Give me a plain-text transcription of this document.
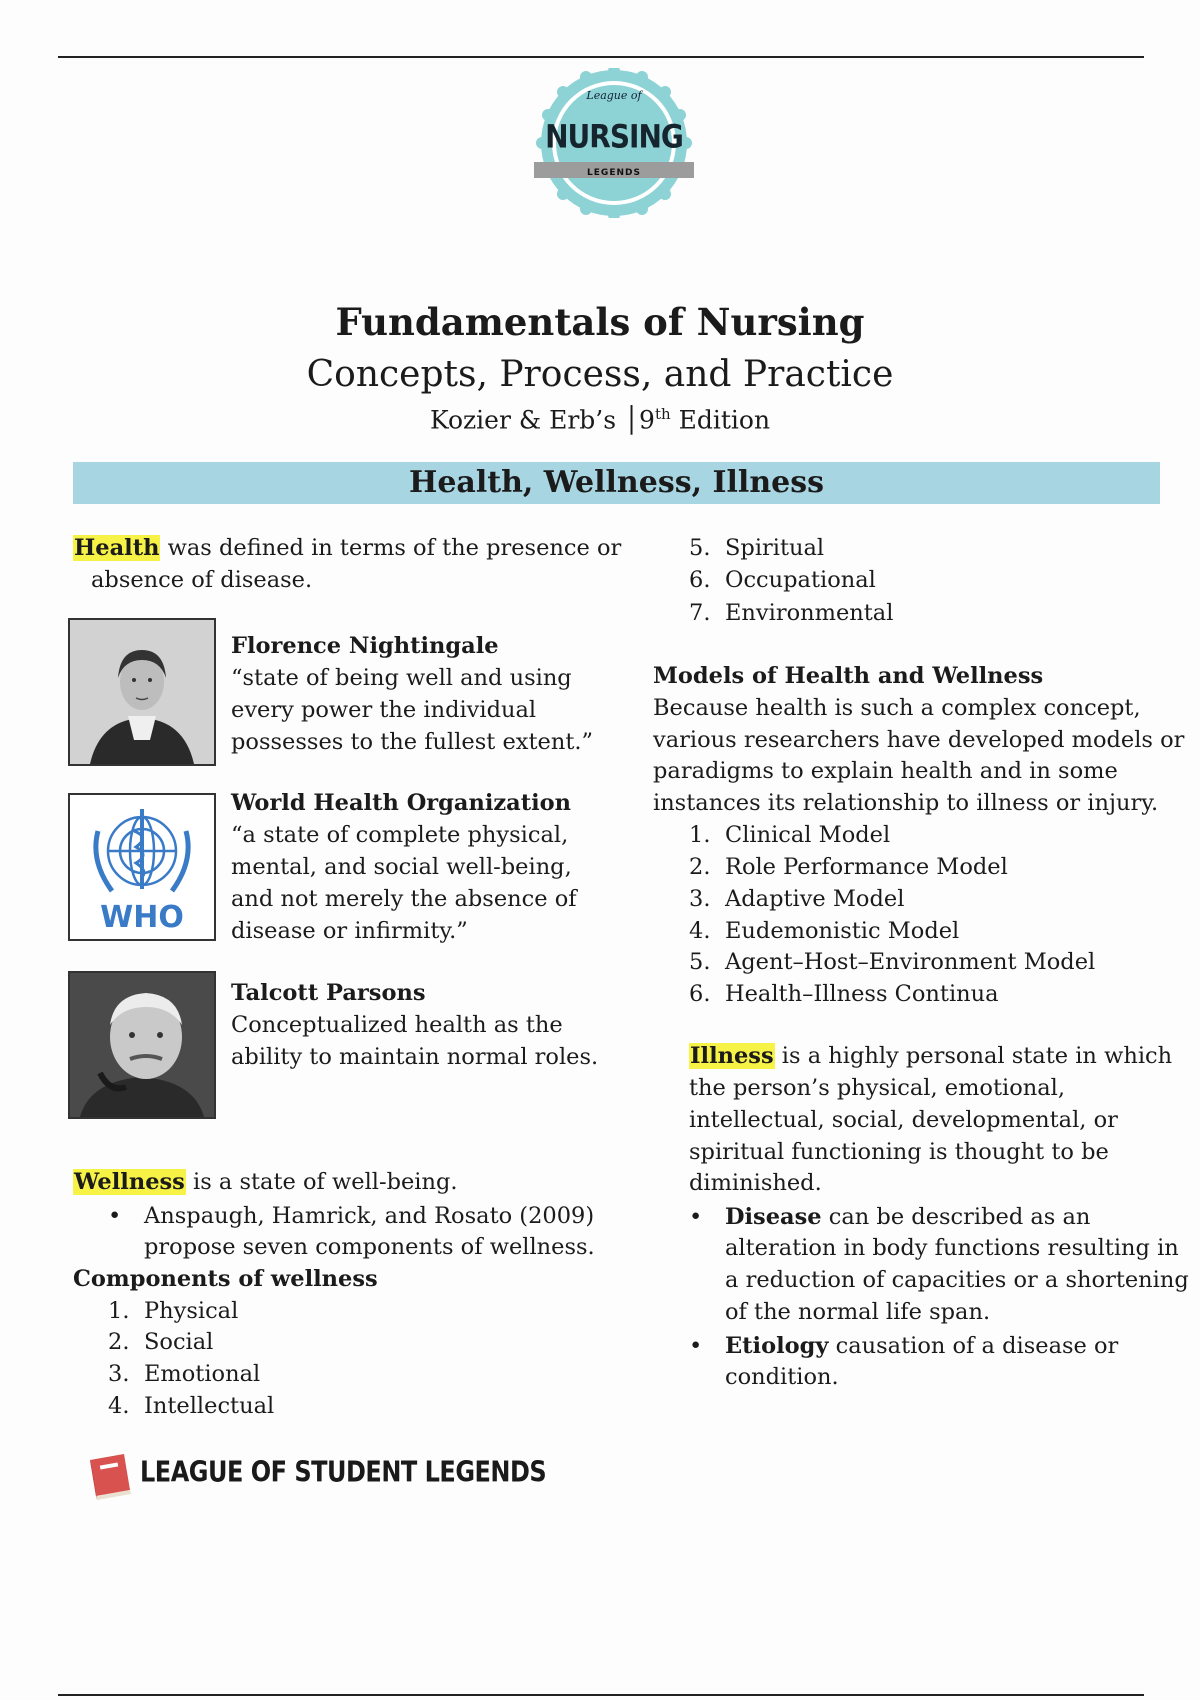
League of
NURSING
LEGENDS
Fundamentals of Nursing
Concepts, Process, and Practice
Kozier & Erb’s │9th Edition
Health, Wellness, Illness
Health was defined in terms of the presence or
absence of disease.
Florence Nightingale
“state of being well and using
every power the individual
possesses to the fullest extent.”
WHO
World Health Organization
“a state of complete physical,
mental, and social well-being,
and not merely the absence of
disease or infirmity.”
Talcott Parsons
Conceptualized health as the
ability to maintain normal roles.
Wellness is a state of well-being.
• Anspaugh, Hamrick, and Rosato (2009)
propose seven components of wellness.
Components of wellness
1. Physical
2. Social
3. Emotional
4. Intellectual
5. Spiritual
6. Occupational
7. Environmental
Models of Health and Wellness
Because health is such a complex concept,
various researchers have developed models or
paradigms to explain health and in some
instances its relationship to illness or injury.
1. Clinical Model
2. Role Performance Model
3. Adaptive Model
4. Eudemonistic Model
5. Agent–Host–Environment Model
6. Health–Illness Continua
Illness is a highly personal state in which
the person’s physical, emotional,
intellectual, social, developmental, or
spiritual functioning is thought to be
diminished.
• Disease can be described as an
alteration in body functions resulting in
a reduction of capacities or a shortening
of the normal life span.
• Etiology causation of a disease or
condition.
LEAGUE OF STUDENT LEGENDS
